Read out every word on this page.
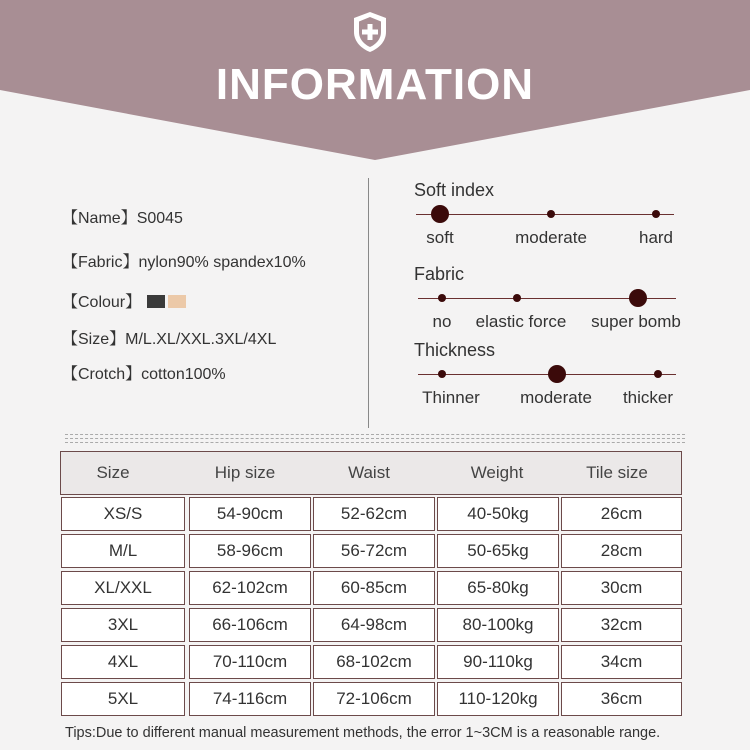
INFORMATION
【Name】S0045
【Fabric】nylon90% spandex10%
【Colour】
【Size】M/L.XL/XXL.3XL/4XL
【Crotch】cotton100%
Soft index
soft	moderate	hard
Fabric
no	elastic force	super bomb
Thickness
Thinner	moderate	thicker
Size	Hip size	Waist	Weight	Tile size
XS/S	54-90cm	52-62cm	40-50kg	26cm
M/L	58-96cm	56-72cm	50-65kg	28cm
XL/XXL	62-102cm	60-85cm	65-80kg	30cm
3XL	66-106cm	64-98cm	80-100kg	32cm
4XL	70-110cm	68-102cm	90-110kg	34cm
5XL	74-116cm	72-106cm	110-120kg	36cm
Tips:Due to different manual measurement methods, the error 1~3CM is a reasonable range.
